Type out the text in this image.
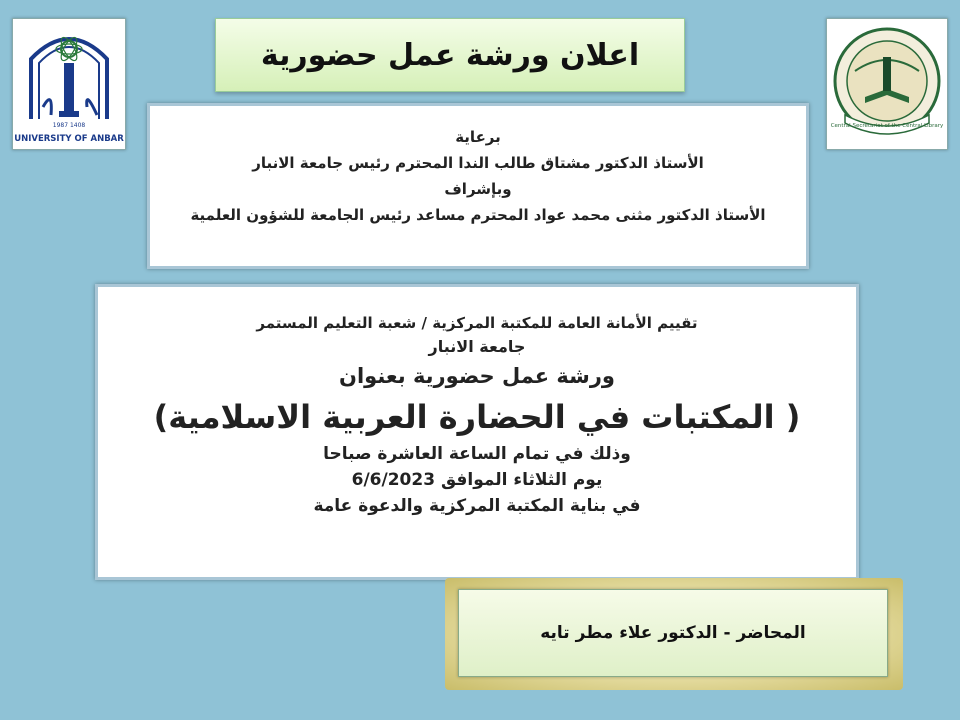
1987 1408
UNIVERSITY OF ANBAR
اعلان ورشة عمل حضورية
Central Secretariat of the Central Library
برعاية
الأستاذ الدكتور مشتاق طالب الندا المحترم رئيس جامعة الانبار
وبإشراف
الأستاذ الدكتور مثنى محمد عواد المحترم مساعد رئيس الجامعة للشؤون العلمية
تقييم الأمانة العامة للمكتبة المركزية / شعبة التعليم المستمر
جامعة الانبار
ورشة عمل حضورية بعنوان
( المكتبات في الحضارة العربية الاسلامية)
وذلك في تمام الساعة العاشرة صباحا
يوم الثلاثاء الموافق 6/6/2023
في بناية المكتبة المركزية والدعوة عامة
المحاضر - الدكتور علاء مطر تايه
